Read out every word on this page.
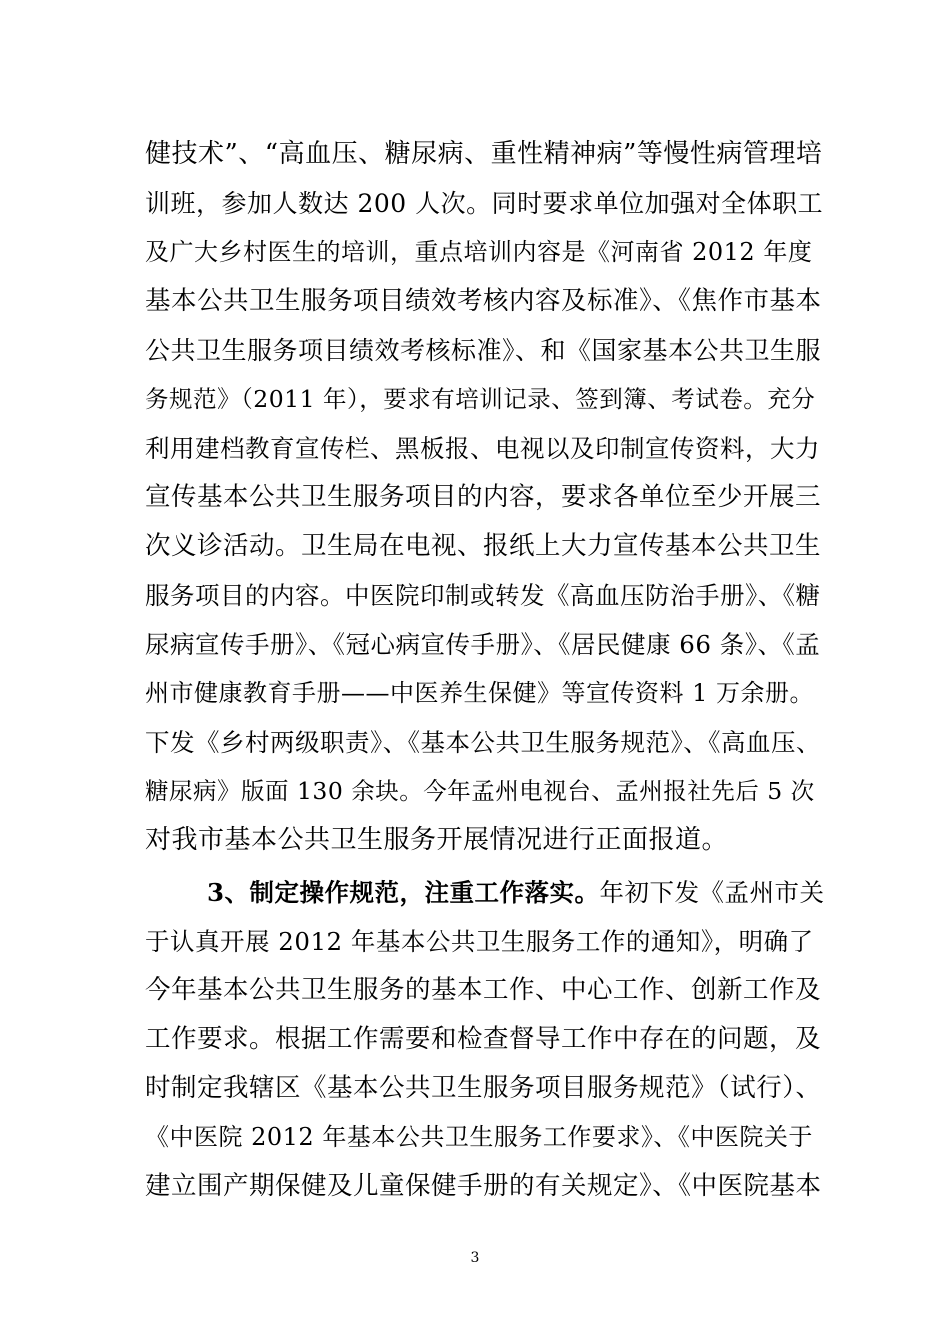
健技术”、“高血压、糖尿病、重性精神病”等慢性病管理培
训班，参加人数达 200 人次。同时要求单位加强对全体职工
及广大乡村医生的培训，重点培训内容是《河南省 2012 年度
基本公共卫生服务项目绩效考核内容及标准》、《焦作市基本
公共卫生服务项目绩效考核标准》、和《国家基本公共卫生服
务规范》（2011 年），要求有培训记录、签到簿、考试卷。充分
利用建档教育宣传栏、黑板报、电视以及印制宣传资料，大力
宣传基本公共卫生服务项目的内容，要求各单位至少开展三
次义诊活动。卫生局在电视、报纸上大力宣传基本公共卫生
服务项目的内容。中医院印制或转发《高血压防治手册》、《糖
尿病宣传手册》、《冠心病宣传手册》、《居民健康 66 条》、《孟
州市健康教育手册——中医养生保健》等宣传资料 1 万余册。
下发《乡村两级职责》、《基本公共卫生服务规范》、《高血压、
糖尿病》版面 130 余块。今年孟州电视台、孟州报社先后 5 次
对我市基本公共卫生服务开展情况进行正面报道。
3、制定操作规范，注重工作落实。年初下发《孟州市关
于认真开展 2012 年基本公共卫生服务工作的通知》，明确了
今年基本公共卫生服务的基本工作、中心工作、创新工作及
工作要求。根据工作需要和检查督导工作中存在的问题，及
时制定我辖区《基本公共卫生服务项目服务规范》（试行）、
《中医院 2012 年基本公共卫生服务工作要求》、《中医院关于
建立围产期保健及儿童保健手册的有关规定》、《中医院基本
3
